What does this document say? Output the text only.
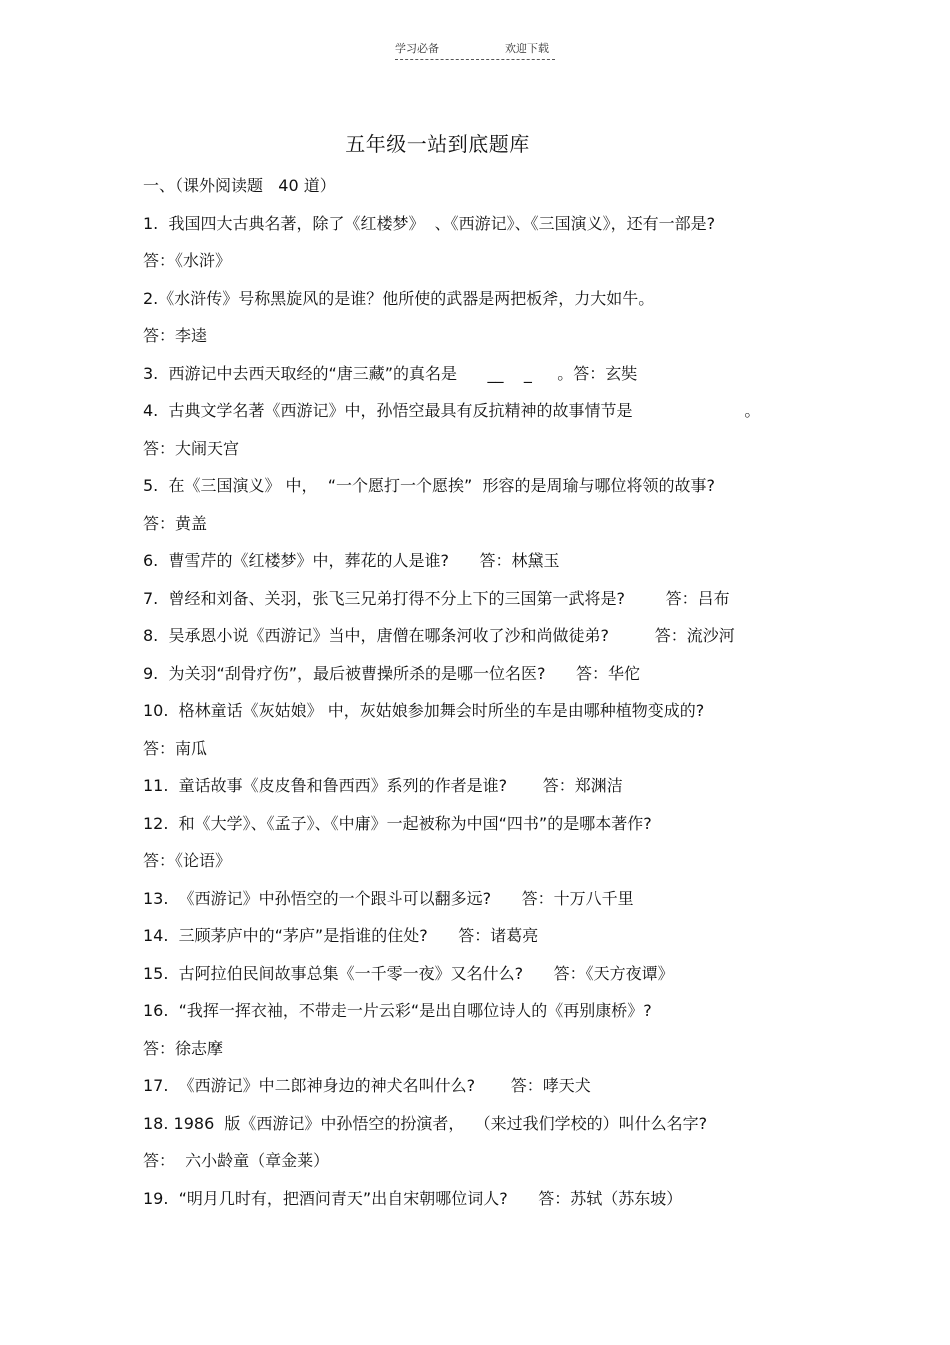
学习必备	欢迎下载
五年级一站到底题库
一、（课外阅读题   40 道）
1.  我国四大古典名著，除了《红楼梦》  、《西游记》、《三国演义》，还有一部是?
答：《水浒》
2.《水浒传》号称黑旋风的是谁？他所使的武器是两把板斧，力大如牛。
答：李逵
3.  西游记中去西天取经的“唐三藏”的真名是      __    _     。答：玄奘
4.  古典文学名著《西游记》中，孙悟空最具有反抗精神的故事情节是                      。
答：大闹天宫
5.  在《三国演义》 中，  “一个愿打一个愿挨”  形容的是周瑜与哪位将领的故事?
答：黄盖
6.  曹雪芹的《红楼梦》中，葬花的人是谁?      答：林黛玉
7.  曾经和刘备、关羽，张飞三兄弟打得不分上下的三国第一武将是?        答：吕布
8.  吴承恩小说《西游记》当中，唐僧在哪条河收了沙和尚做徒弟?         答：流沙河
9.  为关羽“刮骨疗伤”，最后被曹操所杀的是哪一位名医?      答：华佗
10.  格林童话《灰姑娘》 中，灰姑娘参加舞会时所坐的车是由哪种植物变成的?
答：南瓜
11.  童话故事《皮皮鲁和鲁西西》系列的作者是谁?       答：郑渊洁
12.  和《大学》、《孟子》、《中庸》一起被称为中国“四书”的是哪本著作?
答：《论语》
13.  《西游记》中孙悟空的一个跟斗可以翻多远?      答：十万八千里
14.  三顾茅庐中的“茅庐”是指谁的住处?      答：诸葛亮
15.  古阿拉伯民间故事总集《一千零一夜》又名什么?      答：《天方夜谭》
16.  “我挥一挥衣袖，不带走一片云彩“是出自哪位诗人的《再别康桥》?
答：徐志摩
17.  《西游记》中二郎神身边的神犬名叫什么?       答：哮天犬
18. 1986  版《西游记》中孙悟空的扮演者，  （来过我们学校的）叫什么名字?
答：  六小龄童（章金莱）
19.  “明月几时有，把酒问青天”出自宋朝哪位词人?      答：苏轼（苏东坡）
